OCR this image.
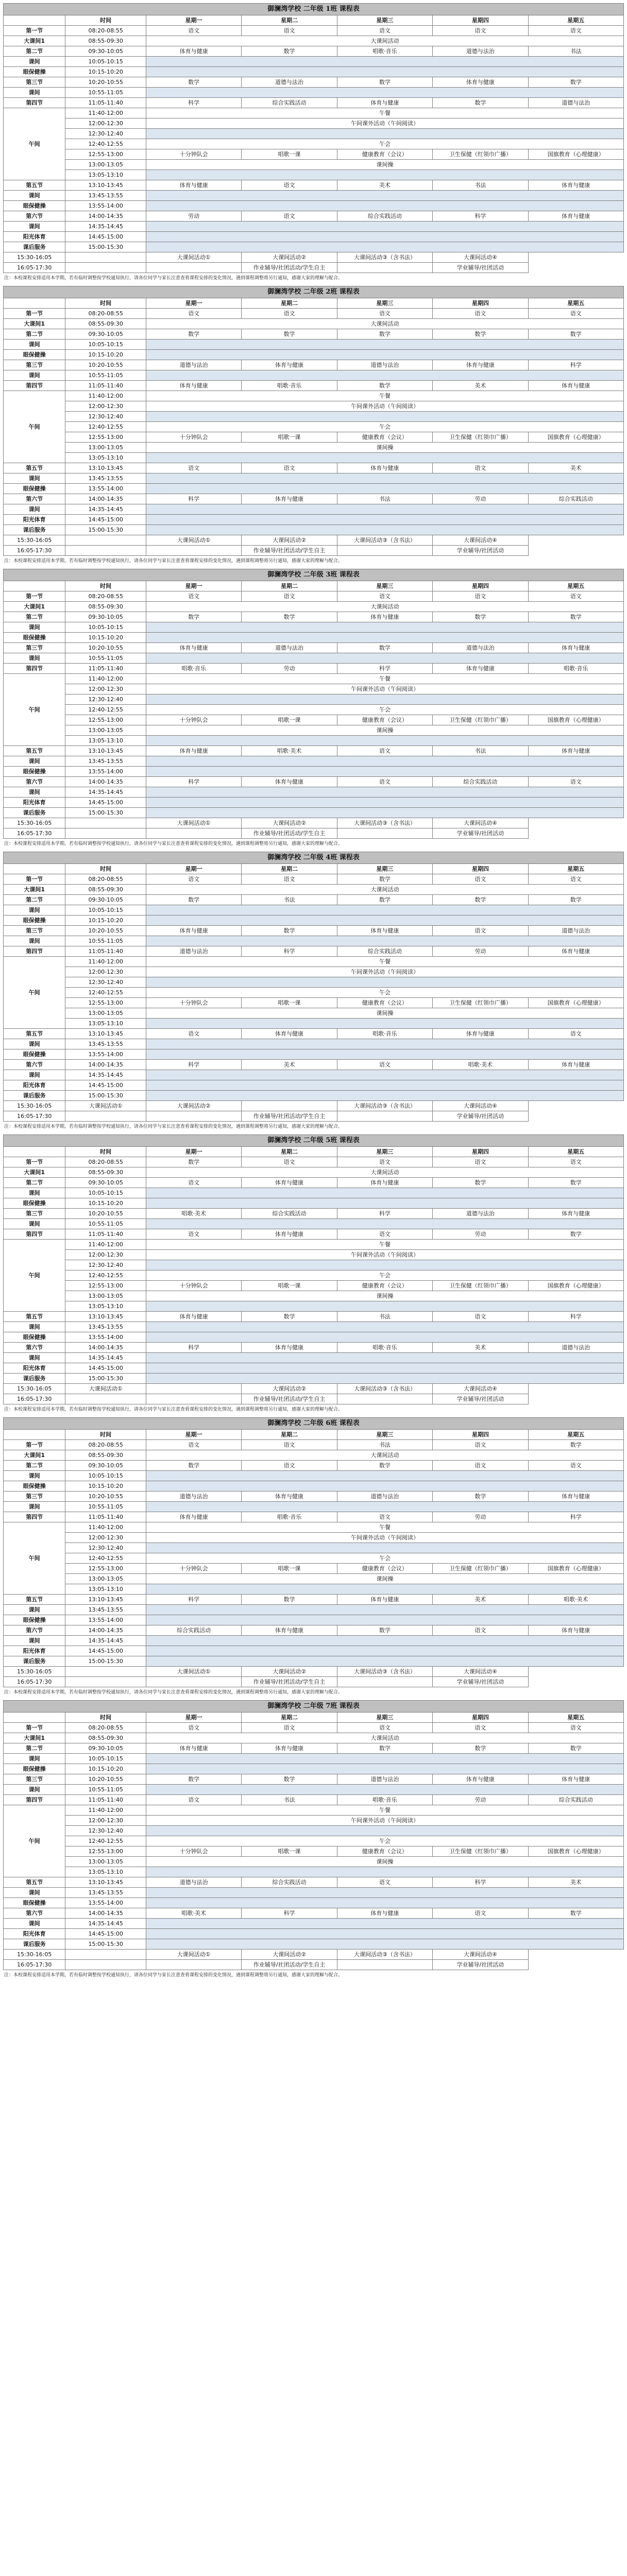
御澜湾学校 二年级 1班 课程表						
	时间	星期一	星期二	星期三	星期四	星期五
第一节	08:20-08:55	语文	语文	语文	语文	语文
大课间1	08:55-09:30	大课间活动				
第二节	09:30-10:05	体育与健康	数学	唱歌·音乐	道德与法治	书法
课间	10:05-10:15					
眼保健操	10:15-10:20					
第三节	10:20-10:55	数学	道德与法治	数学	体育与健康	数学
课间	10:55-11:05					
第四节	11:05-11:40	科学	综合实践活动	体育与健康	数学	道德与法治
午间						
	11:40-12:00	午餐				
	12:00-12:30	午间课外活动（午间阅读）				
	12:30-12:40					
	12:40-12:55	午会				
	12:55-13:00	十分钟队会	唱歌一课	健康教育（会议）	卫生保健（红领巾广播）	国旗教育（心理健康）
	13:00-13:05	课间操				
	13:05-13:10					
第五节	13:10-13:45	体育与健康	语文	美术	书法	体育与健康
课间	13:45-13:55					
眼保健操	13:55-14:00					
第六节	14:00-14:35	劳动	语文	综合实践活动	科学	体育与健康
课间	14:35-14:45					
阳光体育	14:45-15:00					
课后服务	15:00-15:30					
15:30-16:05		大课间活动①	大课间活动②	大课间活动③（含书法）	大课间活动④	
16:05-17:30			作业辅导/社团活动/学生自主		学业辅导/社团活动	
注：本校课程安排适用本学期，若有临时调整按学校通知执行，请各位同学与家长注意查看课程安排的变化情况，遇到课程调整将另行通知，感谢大家的理解与配合。
御澜湾学校 二年级 2班 课程表						
	时间	星期一	星期二	星期三	星期四	星期五
第一节	08:20-08:55	语文	语文	语文	语文	语文
大课间1	08:55-09:30	大课间活动				
第二节	09:30-10:05	数学	数学	数学	数学	数学
课间	10:05-10:15					
眼保健操	10:15-10:20					
第三节	10:20-10:55	道德与法治	体育与健康	道德与法治	体育与健康	科学
课间	10:55-11:05					
第四节	11:05-11:40	体育与健康	唱歌·音乐	数学	美术	体育与健康
午间						
	11:40-12:00	午餐				
	12:00-12:30	午间课外活动（午间阅读）				
	12:30-12:40					
	12:40-12:55	午会				
	12:55-13:00	十分钟队会	唱歌一课	健康教育（会议）	卫生保健（红领巾广播）	国旗教育（心理健康）
	13:00-13:05	课间操				
	13:05-13:10					
第五节	13:10-13:45	语文	语文	体育与健康	语文	美术
课间	13:45-13:55					
眼保健操	13:55-14:00					
第六节	14:00-14:35	科学	体育与健康	书法	劳动	综合实践活动
课间	14:35-14:45					
阳光体育	14:45-15:00					
课后服务	15:00-15:30					
15:30-16:05		大课间活动①	大课间活动②	大课间活动③（含书法）	大课间活动④	
16:05-17:30			作业辅导/社团活动/学生自主		学业辅导/社团活动	
注：本校课程安排适用本学期，若有临时调整按学校通知执行，请各位同学与家长注意查看课程安排的变化情况，遇到课程调整将另行通知，感谢大家的理解与配合。
御澜湾学校 二年级 3班 课程表						
	时间	星期一	星期二	星期三	星期四	星期五
第一节	08:20-08:55	语文	语文	语文	语文	语文
大课间1	08:55-09:30	大课间活动				
第二节	09:30-10:05	数学	数学	体育与健康	数学	数学
课间	10:05-10:15					
眼保健操	10:15-10:20					
第三节	10:20-10:55	体育与健康	道德与法治	数学	道德与法治	体育与健康
课间	10:55-11:05					
第四节	11:05-11:40	唱歌·音乐	劳动	科学	体育与健康	唱歌·音乐
午间						
	11:40-12:00	午餐				
	12:00-12:30	午间课外活动（午间阅读）				
	12:30-12:40					
	12:40-12:55	午会				
	12:55-13:00	十分钟队会	唱歌一课	健康教育（会议）	卫生保健（红领巾广播）	国旗教育（心理健康）
	13:00-13:05	课间操				
	13:05-13:10					
第五节	13:10-13:45	体育与健康	唱歌·美术	语文	书法	体育与健康
课间	13:45-13:55					
眼保健操	13:55-14:00					
第六节	14:00-14:35	科学	体育与健康	语文	综合实践活动	语文
课间	14:35-14:45					
阳光体育	14:45-15:00					
课后服务	15:00-15:30					
15:30-16:05		大课间活动①	大课间活动②	大课间活动③（含书法）	大课间活动④	
16:05-17:30			作业辅导/社团活动/学生自主		学业辅导/社团活动	
注：本校课程安排适用本学期，若有临时调整按学校通知执行，请各位同学与家长注意查看课程安排的变化情况，遇到课程调整将另行通知，感谢大家的理解与配合。
御澜湾学校 二年级 4班 课程表						
	时间	星期一	星期二	星期三	星期四	星期五
第一节	08:20-08:55	语文	语文	数学	语文	语文
大课间1	08:55-09:30	大课间活动				
第二节	09:30-10:05	数学	书法	数学	数学	数学
课间	10:05-10:15					
眼保健操	10:15-10:20					
第三节	10:20-10:55	体育与健康	数学	体育与健康	语文	道德与法治
课间	10:55-11:05					
第四节	11:05-11:40	道德与法治	科学	综合实践活动	劳动	体育与健康
午间						
	11:40-12:00	午餐				
	12:00-12:30	午间课外活动（午间阅读）				
	12:30-12:40					
	12:40-12:55	午会				
	12:55-13:00	十分钟队会	唱歌一课	健康教育（会议）	卫生保健（红领巾广播）	国旗教育（心理健康）
	13:00-13:05	课间操				
	13:05-13:10					
第五节	13:10-13:45	语文	体育与健康	唱歌·音乐	体育与健康	语文
课间	13:45-13:55					
眼保健操	13:55-14:00					
第六节	14:00-14:35	科学	美术	语文	唱歌·美术	体育与健康
课间	14:35-14:45					
阳光体育	14:45-15:00					
课后服务	15:00-15:30					
15:30-16:05	大课间活动①	大课间活动②		大课间活动③（含书法）	大课间活动④	
16:05-17:30			作业辅导/社团活动/学生自主		学业辅导/社团活动	
注：本校课程安排适用本学期，若有临时调整按学校通知执行，请各位同学与家长注意查看课程安排的变化情况，遇到课程调整将另行通知，感谢大家的理解与配合。
御澜湾学校 二年级 5班 课程表						
	时间	星期一	星期二	星期三	星期四	星期五
第一节	08:20-08:55	数学	语文	语文	语文	语文
大课间1	08:55-09:30	大课间活动				
第二节	09:30-10:05	语文	体育与健康	体育与健康	数学	数学
课间	10:05-10:15					
眼保健操	10:15-10:20					
第三节	10:20-10:55	唱歌·美术	综合实践活动	科学	道德与法治	体育与健康
课间	10:55-11:05					
第四节	11:05-11:40	语文	体育与健康	语文	劳动	数学
午间						
	11:40-12:00	午餐				
	12:00-12:30	午间课外活动（午间阅读）				
	12:30-12:40					
	12:40-12:55	午会				
	12:55-13:00	十分钟队会	唱歌一课	健康教育（会议）	卫生保健（红领巾广播）	国旗教育（心理健康）
	13:00-13:05	课间操				
	13:05-13:10					
第五节	13:10-13:45	体育与健康	数学	书法	语文	科学
课间	13:45-13:55					
眼保健操	13:55-14:00					
第六节	14:00-14:35	科学	体育与健康	唱歌·音乐	美术	道德与法治
课间	14:35-14:45					
阳光体育	14:45-15:00					
课后服务	15:00-15:30					
15:30-16:05	大课间活动①		大课间活动②	大课间活动③（含书法）	大课间活动④	
16:05-17:30			作业辅导/社团活动/学生自主		学业辅导/社团活动	
注：本校课程安排适用本学期，若有临时调整按学校通知执行，请各位同学与家长注意查看课程安排的变化情况，遇到课程调整将另行通知，感谢大家的理解与配合。
御澜湾学校 二年级 6班 课程表						
	时间	星期一	星期二	星期三	星期四	星期五
第一节	08:20-08:55	语文	语文	书法	语文	数学
大课间1	08:55-09:30	大课间活动				
第二节	09:30-10:05	数学	语文	数学	语文	语文
课间	10:05-10:15					
眼保健操	10:15-10:20					
第三节	10:20-10:55	道德与法治	体育与健康	道德与法治	数学	体育与健康
课间	10:55-11:05					
第四节	11:05-11:40	体育与健康	唱歌·音乐	语文	劳动	科学
午间						
	11:40-12:00	午餐				
	12:00-12:30	午间课外活动（午间阅读）				
	12:30-12:40					
	12:40-12:55	午会				
	12:55-13:00	十分钟队会	唱歌一课	健康教育（会议）	卫生保健（红领巾广播）	国旗教育（心理健康）
	13:00-13:05	课间操				
	13:05-13:10					
第五节	13:10-13:45	科学	数学	体育与健康	美术	唱歌·美术
课间	13:45-13:55					
眼保健操	13:55-14:00					
第六节	14:00-14:35	综合实践活动	体育与健康	数学	语文	体育与健康
课间	14:35-14:45					
阳光体育	14:45-15:00					
课后服务	15:00-15:30					
15:30-16:05		大课间活动①	大课间活动②	大课间活动③（含书法）	大课间活动④	
16:05-17:30			作业辅导/社团活动/学生自主		学业辅导/社团活动	
注：本校课程安排适用本学期，若有临时调整按学校通知执行，请各位同学与家长注意查看课程安排的变化情况，遇到课程调整将另行通知，感谢大家的理解与配合。
御澜湾学校 二年级 7班 课程表						
	时间	星期一	星期二	星期三	星期四	星期五
第一节	08:20-08:55	语文	语文	语文	语文	语文
大课间1	08:55-09:30	大课间活动				
第二节	09:30-10:05	体育与健康	体育与健康	数学	数学	数学
课间	10:05-10:15					
眼保健操	10:15-10:20					
第三节	10:20-10:55	数学	数学	道德与法治	体育与健康	体育与健康
课间	10:55-11:05					
第四节	11:05-11:40	语文	书法	唱歌·音乐	劳动	综合实践活动
午间						
	11:40-12:00	午餐				
	12:00-12:30	午间课外活动（午间阅读）				
	12:30-12:40					
	12:40-12:55	午会				
	12:55-13:00	十分钟队会	唱歌一课	健康教育（会议）	卫生保健（红领巾广播）	国旗教育（心理健康）
	13:00-13:05	课间操				
	13:05-13:10					
第五节	13:10-13:45	道德与法治	综合实践活动	语文	科学	美术
课间	13:45-13:55					
眼保健操	13:55-14:00					
第六节	14:00-14:35	唱歌·美术	科学	体育与健康	语文	数学
课间	14:35-14:45					
阳光体育	14:45-15:00					
课后服务	15:00-15:30					
15:30-16:05		大课间活动①	大课间活动②	大课间活动③（含书法）	大课间活动④	
16:05-17:30			作业辅导/社团活动/学生自主		学业辅导/社团活动	
注：本校课程安排适用本学期，若有临时调整按学校通知执行，请各位同学与家长注意查看课程安排的变化情况，遇到课程调整将另行通知，感谢大家的理解与配合。
